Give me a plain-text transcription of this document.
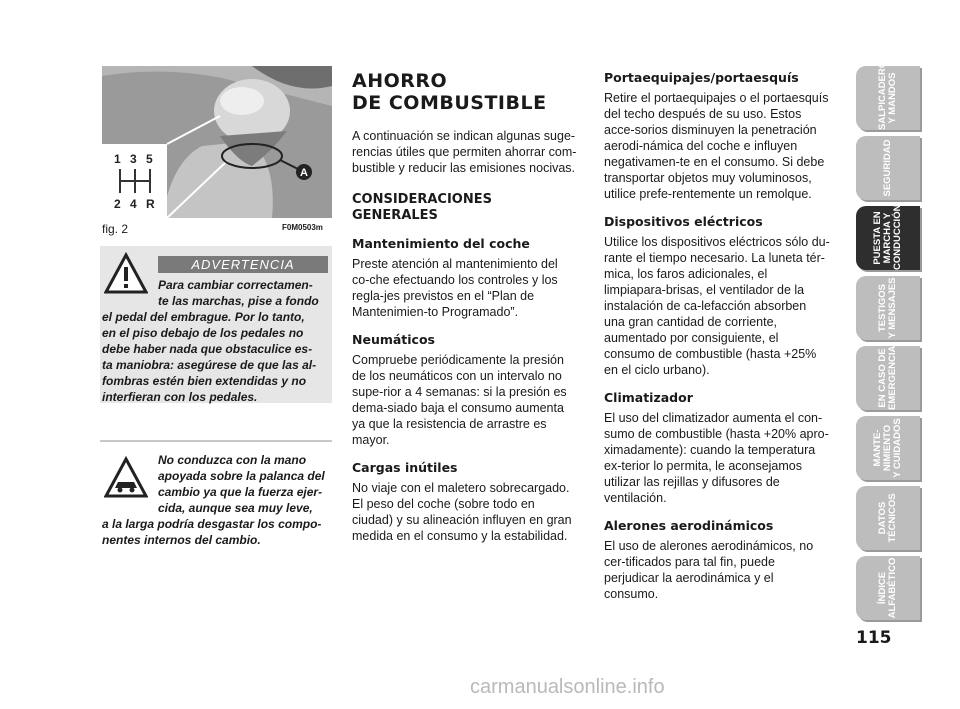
A
1 3 5
2 4 R
fig. 2	F0M0503m
ADVERTENCIA
Para cambiar correctamen-
te las marchas, pise a fondo
el pedal del embrague. Por lo tanto,
en el piso debajo de los pedales no
debe haber nada que obstaculice es-
ta maniobra: asegúrese de que las al-
fombras estén bien extendidas y no
interfieran con los pedales.
No conduzca con la mano
apoyada sobre la palanca del
cambio ya que la fuerza ejer-
cida, aunque sea muy leve,
a la larga podría desgastar los compo-
nentes internos del cambio.
AHORRO
DE COMBUSTIBLE

A continuación se indican algunas suge-rencias útiles que permiten ahorrar com-bustible y reducir las emisiones nocivas.

CONSIDERACIONES
GENERALES
Mantenimiento del coche

Preste atención al mantenimiento del co-che efectuando los controles y los regla-jes previstos en el “Plan de Mantenimien-to Programado”.

Neumáticos

Compruebe periódicamente la presión de los neumáticos con un intervalo no supe-rior a 4 semanas: si la presión es dema-siado baja el consumo aumenta ya que la resistencia de arrastre es mayor.

Cargas inútiles

No viaje con el maletero sobrecargado. El peso del coche (sobre todo en ciudad) y su alineación influyen en gran medida en el consumo y la estabilidad.

Portaequipajes/portaesquís

Retire el portaequipajes o el portaesquís del techo después de su uso. Estos acce-sorios disminuyen la penetración aerodi-námica del coche e influyen negativamen-te en el consumo. Si debe transportar objetos muy voluminosos, utilice prefe-rentemente un remolque.

Dispositivos eléctricos

Utilice los dispositivos eléctricos sólo du-rante el tiempo necesario. La luneta tér-mica, los faros adicionales, el limpiapara-brisas, el ventilador de la instalación de ca-lefacción absorben una gran cantidad de corriente, aumentado por consiguiente, el consumo de combustible (hasta +25% en el ciclo urbano).

Climatizador

El uso del climatizador aumenta el con-sumo de combustible (hasta +20% apro-ximadamente): cuando la temperatura ex-terior lo permita, le aconsejamos utilizar las rejillas y difusores de ventilación.

Alerones aerodinámicos

El uso de alerones aerodinámicos, no cer-tificados para tal fin, puede perjudicar la aerodinámica y el consumo.

SALPICADERO
Y MANDOS
SEGURIDAD
PUESTA EN
MARCHA Y
CONDUCCIÓN
TESTIGOS
Y MENSAJES
EN CASO DE
EMERGENCIA
MANTE-
NIMIENTO
Y CUIDADOS
DATOS
TÉCNICOS
ÍNDICE
ALFABÉTICO
115
carmanualsonline.info
